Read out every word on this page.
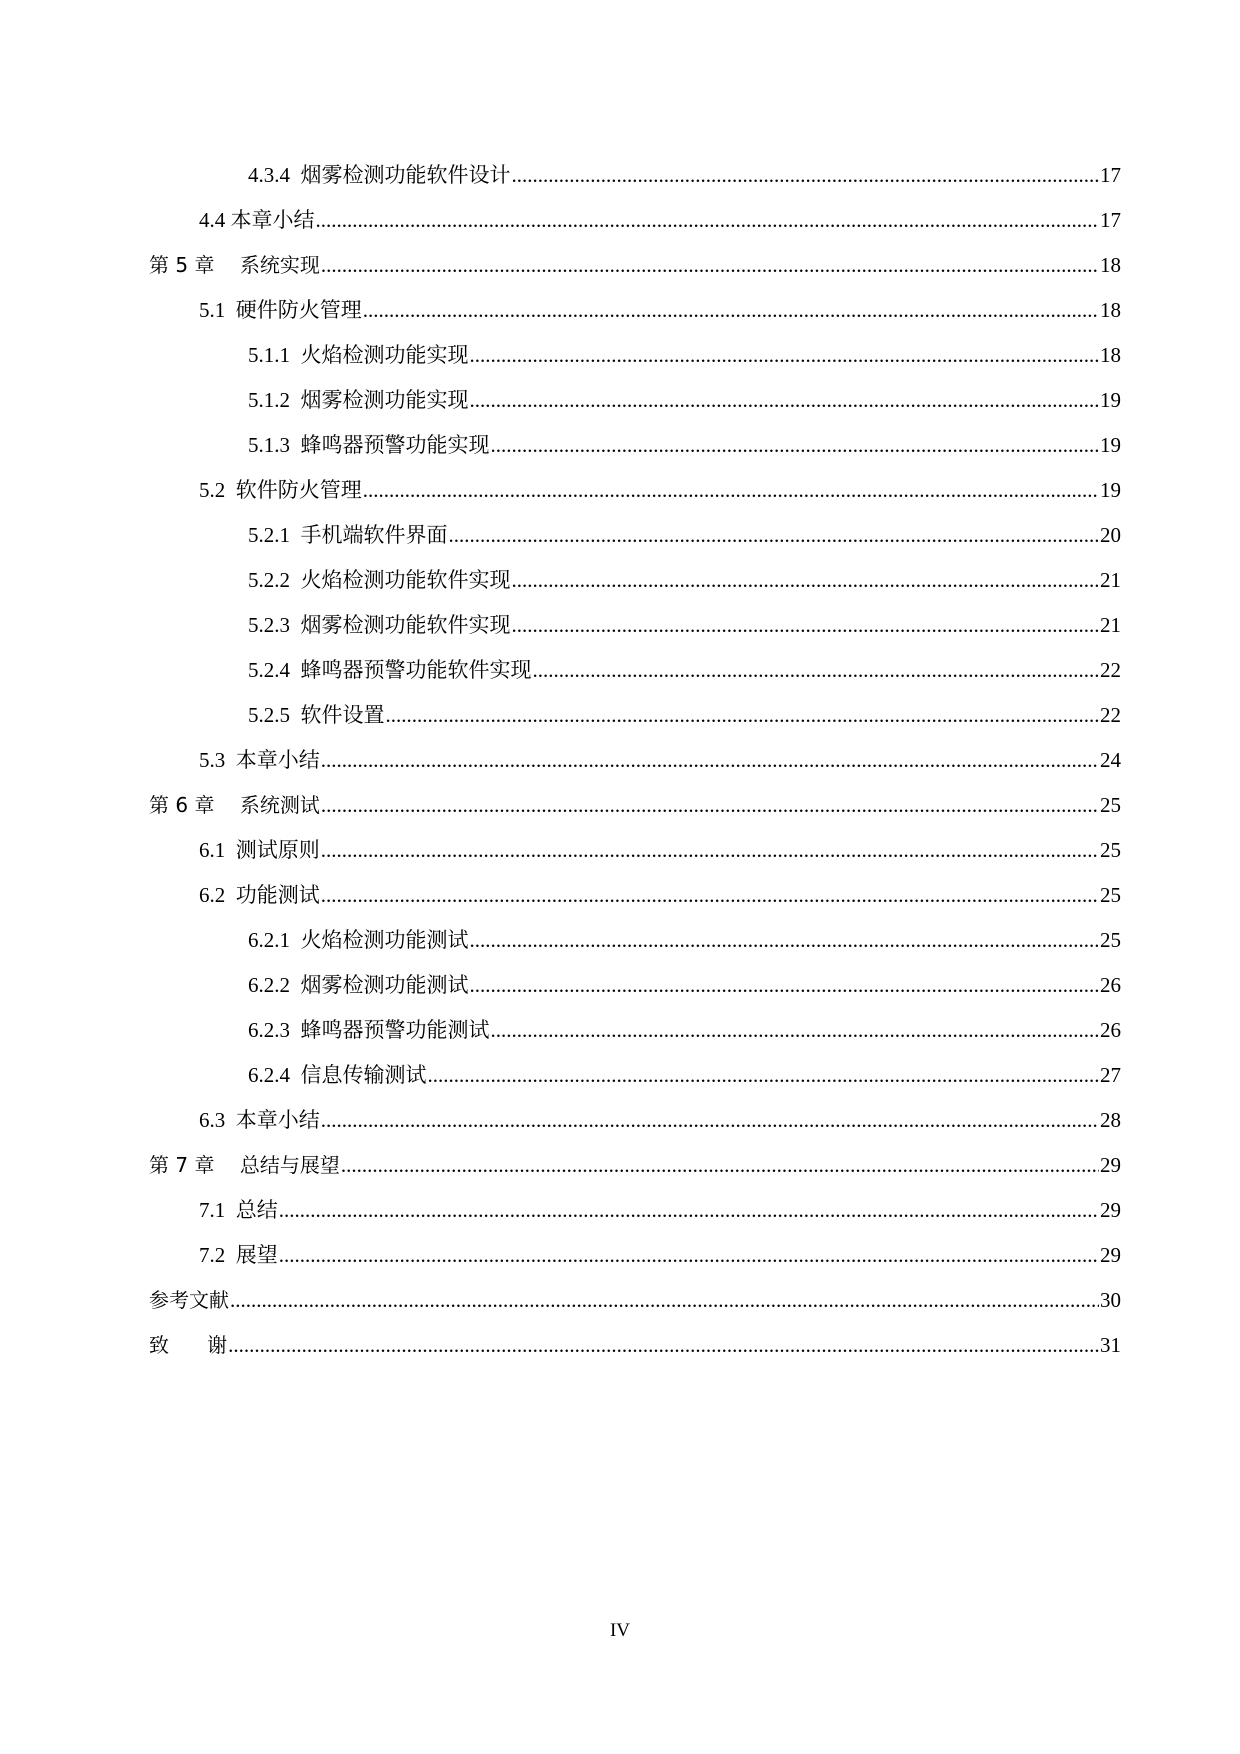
4.3.4  烟雾检测功能软件设计 .....	17
4.4 本章小结 .....	17
第 5 章    系统实现 .....	18
5.1  硬件防火管理 .....	18
5.1.1  火焰检测功能实现 .....	18
5.1.2  烟雾检测功能实现 .....	19
5.1.3  蜂鸣器预警功能实现 .....	19
5.2  软件防火管理 .....	19
5.2.1  手机端软件界面 .....	20
5.2.2  火焰检测功能软件实现 .....	21
5.2.3  烟雾检测功能软件实现 .....	21
5.2.4  蜂鸣器预警功能软件实现 .....	22
5.2.5  软件设置 .....	22
5.3  本章小结 .....	24
第 6 章    系统测试 .....	25
6.1  测试原则 .....	25
6.2  功能测试 .....	25
6.2.1  火焰检测功能测试 .....	25
6.2.2  烟雾检测功能测试 .....	26
6.2.3  蜂鸣器预警功能测试 .....	26
6.2.4  信息传输测试 .....	27
6.3  本章小结 .....	28
第 7 章    总结与展望 .....	29
7.1  总结 .....	29
7.2  展望 .....	29
参考文献 .....	30
致      谢 .....	31
IV
